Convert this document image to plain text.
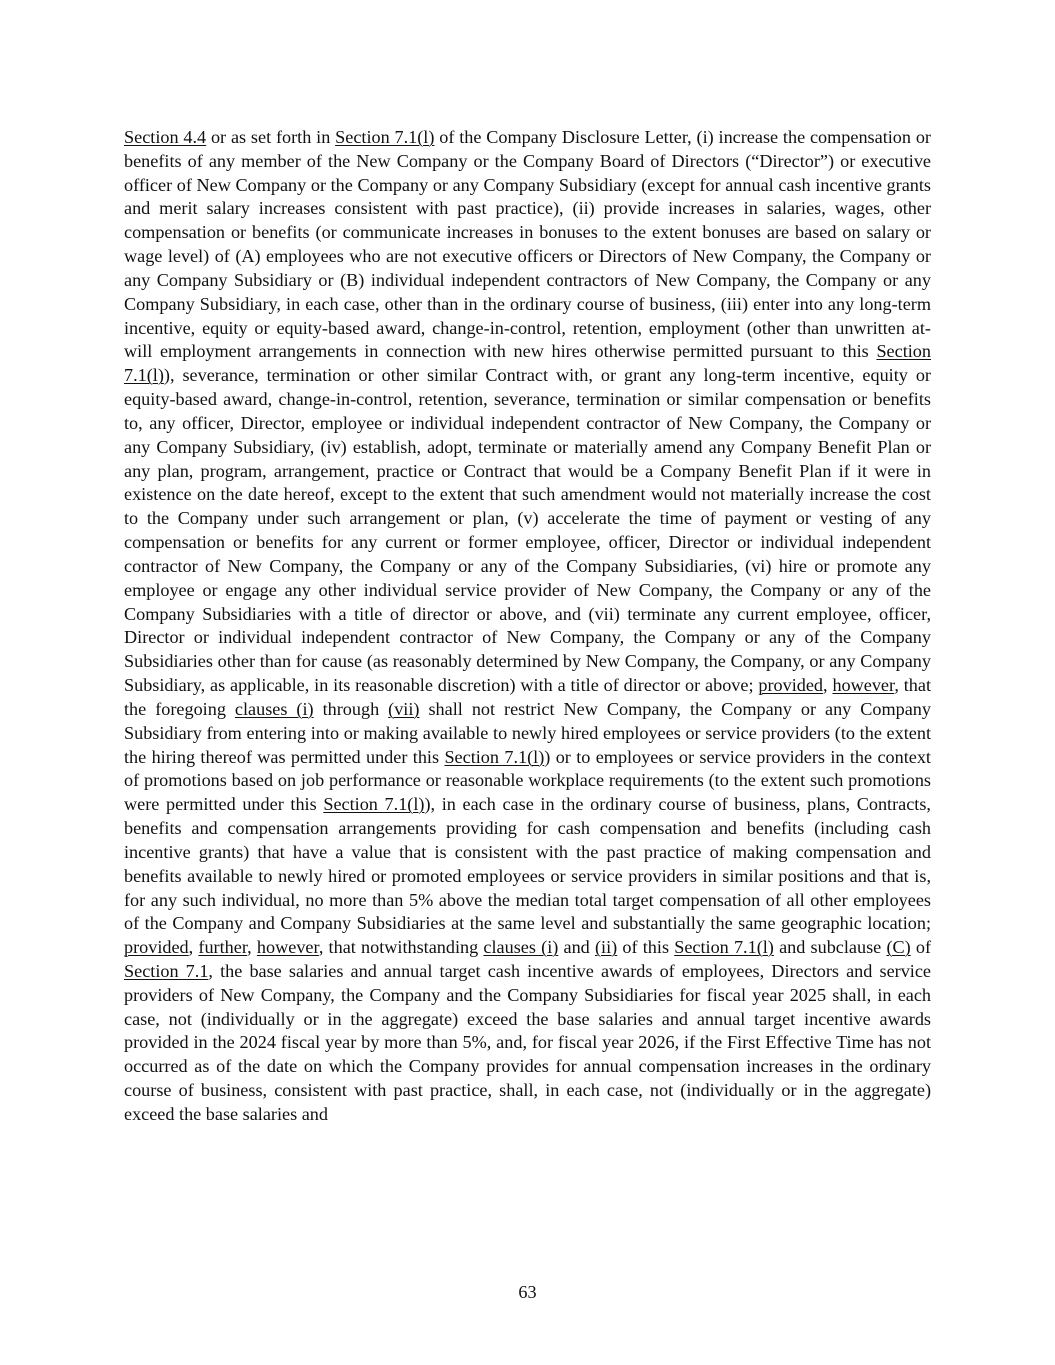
Section 4.4 or as set forth in Section 7.1(l) of the Company Disclosure Letter, (i) increase the compensation or benefits of any member of the New Company or the Company Board of Directors (“Director”) or executive officer of New Company or the Company or any Company Subsidiary (except for annual cash incentive grants and merit salary increases consistent with past practice), (ii) provide increases in salaries, wages, other compensation or benefits (or communicate increases in bonuses to the extent bonuses are based on salary or wage level) of (A) employees who are not executive officers or Directors of New Company, the Company or any Company Subsidiary or (B) individual independent contractors of New Company, the Company or any Company Subsidiary, in each case, other than in the ordinary course of business, (iii) enter into any long-term incentive, equity or equity-based award, change-in-control, retention, employment (other than unwritten at-will employment arrangements in connection with new hires otherwise permitted pursuant to this Section 7.1(l)), severance, termination or other similar Contract with, or grant any long-term incentive, equity or equity-based award, change-in-control, retention, severance, termination or similar compensation or benefits to, any officer, Director, employee or individual independent contractor of New Company, the Company or any Company Subsidiary, (iv) establish, adopt, terminate or materially amend any Company Benefit Plan or any plan, program, arrangement, practice or Contract that would be a Company Benefit Plan if it were in existence on the date hereof, except to the extent that such amendment would not materially increase the cost to the Company under such arrangement or plan, (v) accelerate the time of payment or vesting of any compensation or benefits for any current or former employee, officer, Director or individual independent contractor of New Company, the Company or any of the Company Subsidiaries, (vi) hire or promote any employee or engage any other individual service provider of New Company, the Company or any of the Company Subsidiaries with a title of director or above, and (vii) terminate any current employee, officer, Director or individual independent contractor of New Company, the Company or any of the Company Subsidiaries other than for cause (as reasonably determined by New Company, the Company, or any Company Subsidiary, as applicable, in its reasonable discretion) with a title of director or above; provided, however, that the foregoing clauses (i) through (vii) shall not restrict New Company, the Company or any Company Subsidiary from entering into or making available to newly hired employees or service providers (to the extent the hiring thereof was permitted under this Section 7.1(l)) or to employees or service providers in the context of promotions based on job performance or reasonable workplace requirements (to the extent such promotions were permitted under this Section 7.1(l)), in each case in the ordinary course of business, plans, Contracts, benefits and compensation arrangements providing for cash compensation and benefits (including cash incentive grants) that have a value that is consistent with the past practice of making compensation and benefits available to newly hired or promoted employees or service providers in similar positions and that is, for any such individual, no more than 5% above the median total target compensation of all other employees of the Company and Company Subsidiaries at the same level and substantially the same geographic location; provided, further, however, that notwithstanding clauses (i) and (ii) of this Section 7.1(l) and subclause (C) of Section 7.1, the base salaries and annual target cash incentive awards of employees, Directors and service providers of New Company, the Company and the Company Subsidiaries for fiscal year 2025 shall, in each case, not (individually or in the aggregate) exceed the base salaries and annual target incentive awards provided in the 2024 fiscal year by more than 5%, and, for fiscal year 2026, if the First Effective Time has not occurred as of the date on which the Company provides for annual compensation increases in the ordinary course of business, consistent with past practice, shall, in each case, not (individually or in the aggregate) exceed the base salaries and

63
